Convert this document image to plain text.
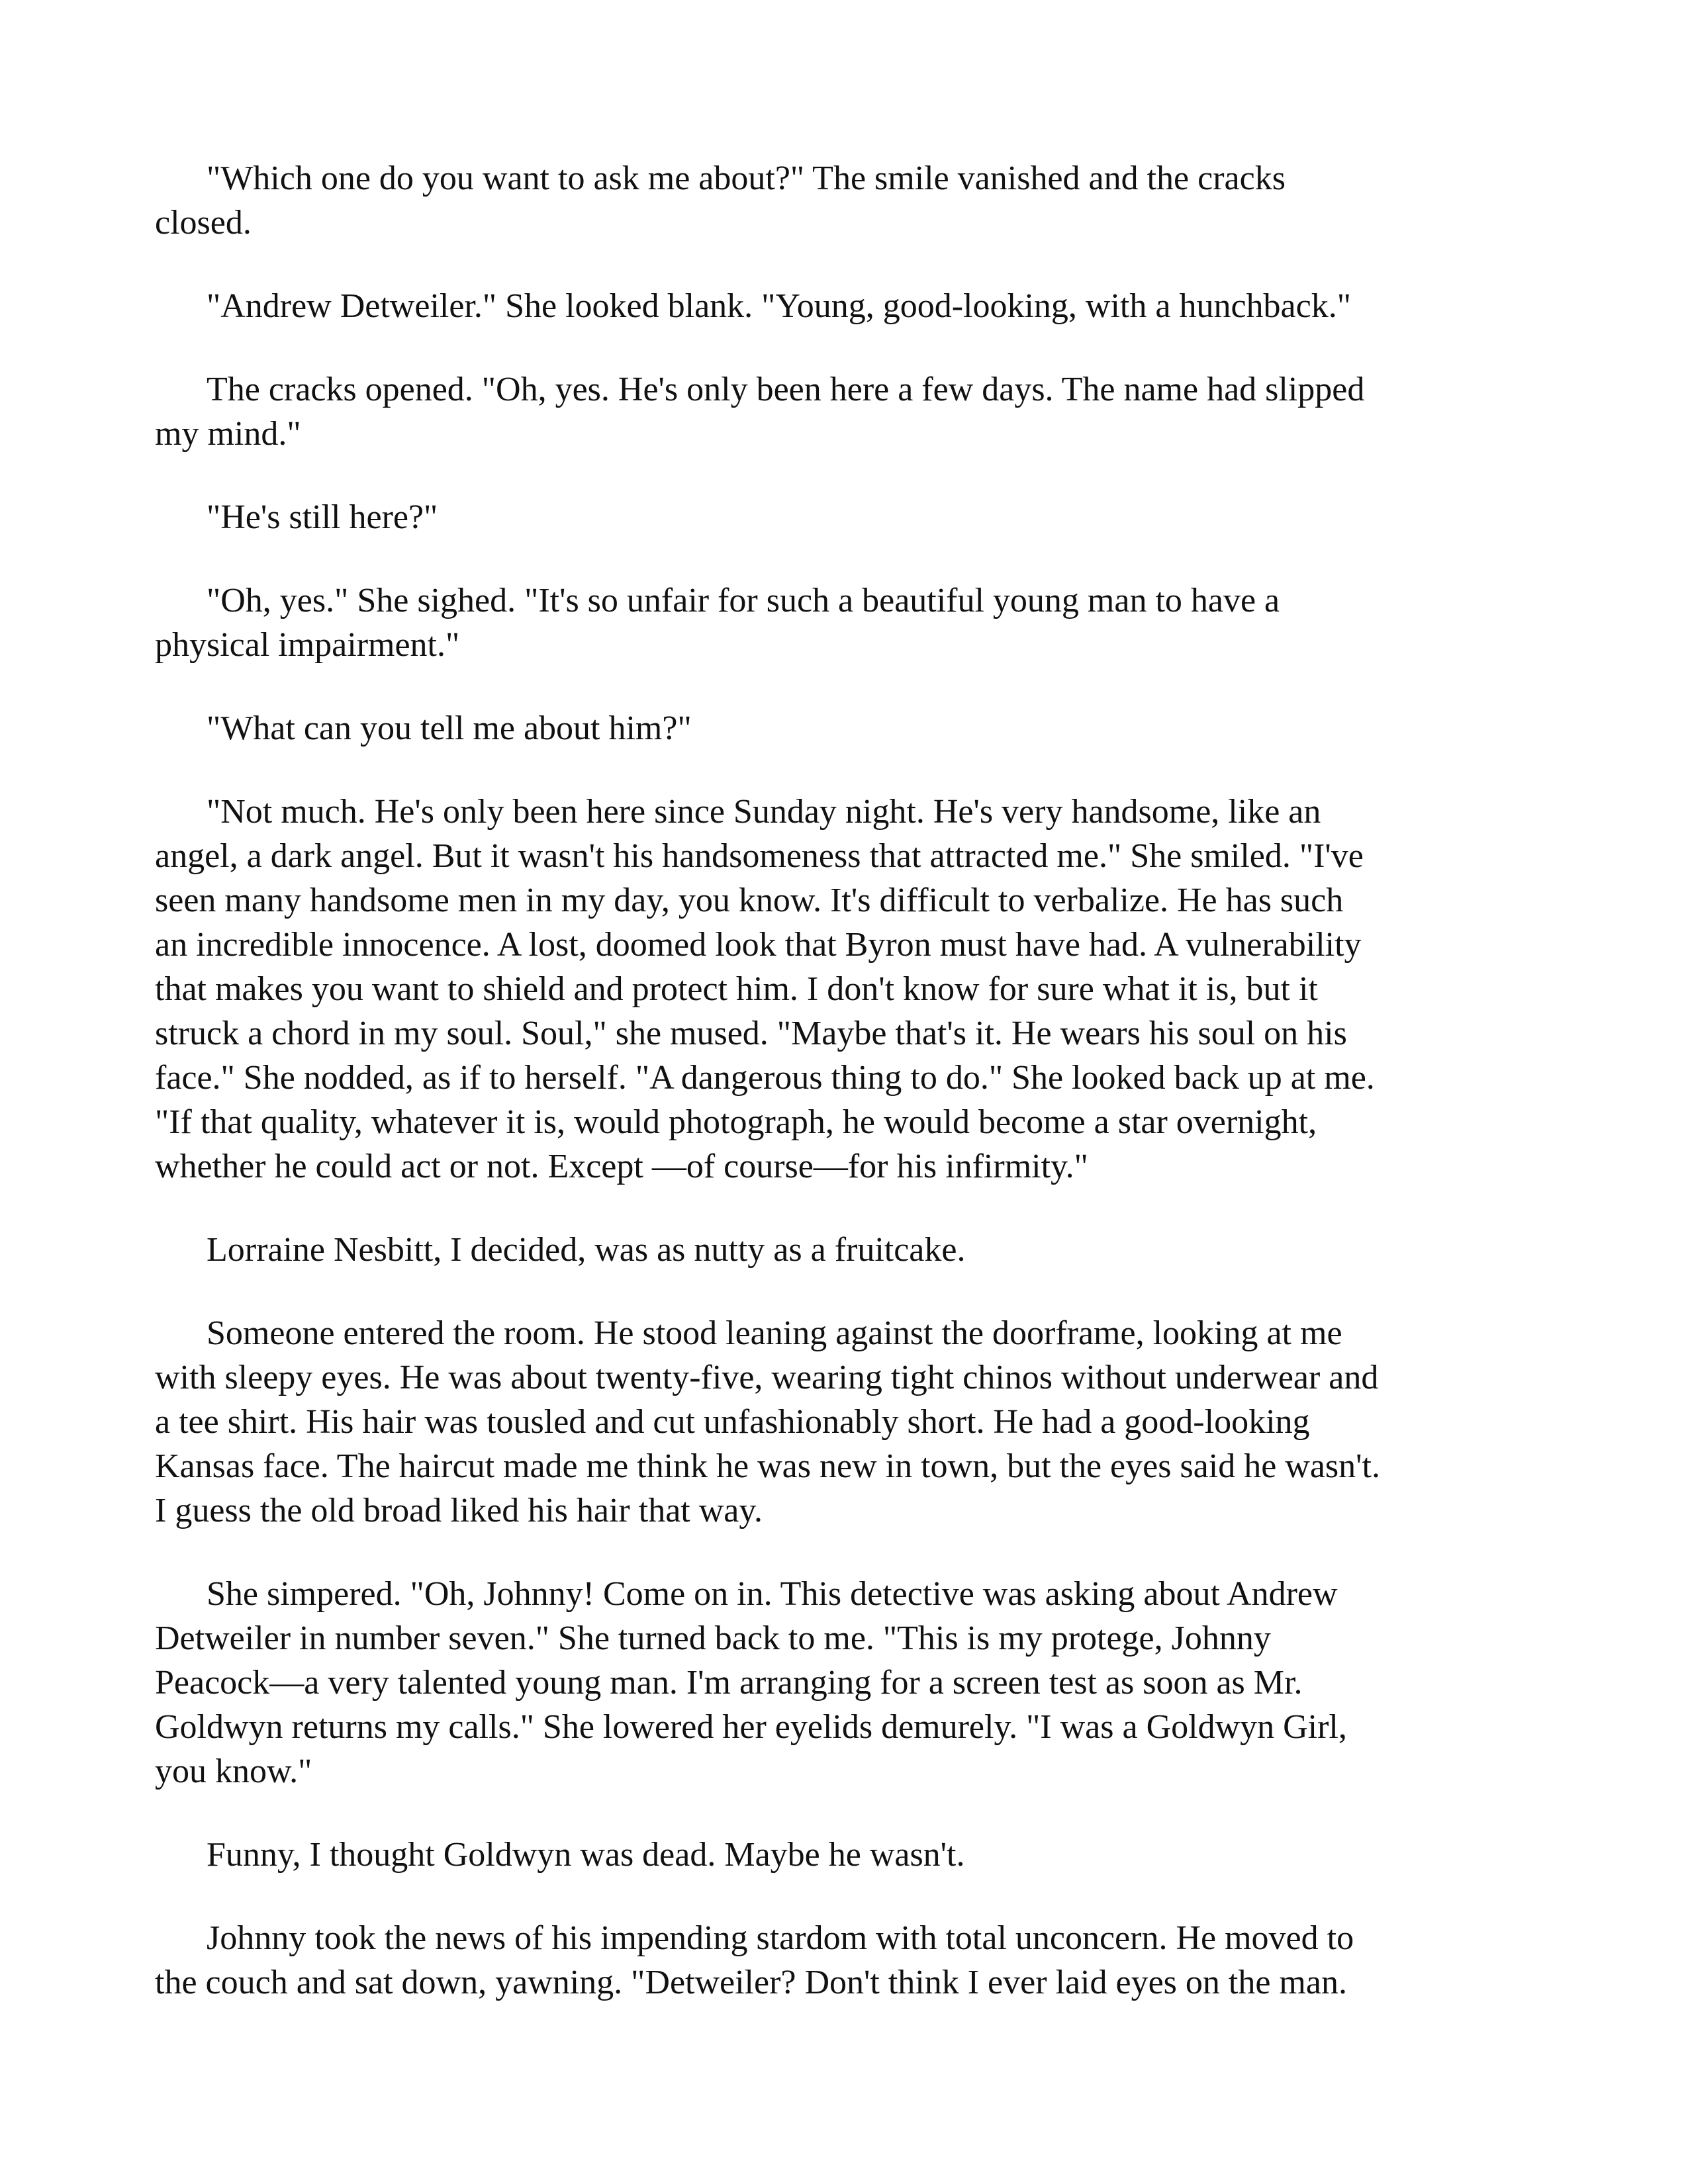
"Which one do you want to ask me about?" The smile vanished and the cracks
closed.

"Andrew Detweiler." She looked blank. "Young, good-looking, with a hunchback."

The cracks opened. "Oh, yes. He's only been here a few days. The name had slipped
my mind."

"He's still here?"

"Oh, yes." She sighed. "It's so unfair for such a beautiful young man to have a
physical impairment."

"What can you tell me about him?"

"Not much. He's only been here since Sunday night. He's very handsome, like an
angel, a dark angel. But it wasn't his handsomeness that attracted me." She smiled. "I've
seen many handsome men in my day, you know. It's difficult to verbalize. He has such
an incredible innocence. A lost, doomed look that Byron must have had. A vulnerability
that makes you want to shield and protect him. I don't know for sure what it is, but it
struck a chord in my soul. Soul," she mused. "Maybe that's it. He wears his soul on his
face." She nodded, as if to herself. "A dangerous thing to do." She looked back up at me.
"If that quality, whatever it is, would photograph, he would become a star overnight,
whether he could act or not. Except —of course—for his infirmity."

Lorraine Nesbitt, I decided, was as nutty as a fruitcake.

Someone entered the room. He stood leaning against the doorframe, looking at me
with sleepy eyes. He was about twenty-five, wearing tight chinos without underwear and
a tee shirt. His hair was tousled and cut unfashionably short. He had a good-looking
Kansas face. The haircut made me think he was new in town, but the eyes said he wasn't.
I guess the old broad liked his hair that way.

She simpered. "Oh, Johnny! Come on in. This detective was asking about Andrew
Detweiler in number seven." She turned back to me. "This is my protege, Johnny
Peacock—a very talented young man. I'm arranging for a screen test as soon as Mr.
Goldwyn returns my calls." She lowered her eyelids demurely. "I was a Goldwyn Girl,
you know."

Funny, I thought Goldwyn was dead. Maybe he wasn't.

Johnny took the news of his impending stardom with total unconcern. He moved to
the couch and sat down, yawning. "Detweiler? Don't think I ever laid eyes on the man.
